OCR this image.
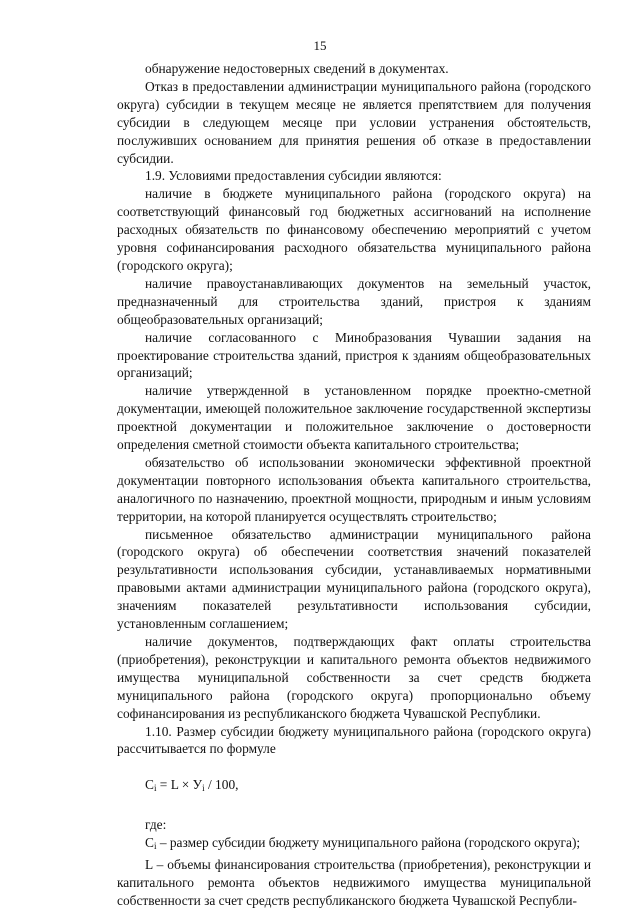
15

обнаружение недостоверных сведений в документах.

Отказ в предоставлении администрации муниципального района (городского округа) субсидии в текущем месяце не является препятствием для получения субсидии в следующем месяце при условии устранения обстоятельств, послуживших основанием для принятия решения об отказе в предоставлении субсидии.

1.9. Условиями предоставления субсидии являются:

наличие в бюджете муниципального района (городского округа) на соответствующий финансовый год бюджетных ассигнований на исполнение расходных обязательств по финансовому обеспечению мероприятий с учетом уровня софинансирования расходного обязательства муниципального района (городского округа);

наличие правоустанавливающих документов на земельный участок, предназначенный для строительства зданий, пристроя к зданиям общеобразовательных организаций;

наличие согласованного с Минобразования Чувашии задания на проектирование строительства зданий, пристроя к зданиям общеобразовательных организаций;

наличие утвержденной в установленном порядке проектно-сметной документации, имеющей положительное заключение государственной экспертизы проектной документации и положительное заключение о достоверности определения сметной стоимости объекта капитального строительства;

обязательство об использовании экономически эффективной проектной документации повторного использования объекта капитального строительства, аналогичного по назначению, проектной мощности, природным и иным условиям территории, на которой планируется осуществлять строительство;

письменное обязательство администрации муниципального района (городского округа) об обеспечении соответствия значений показателей результативности использования субсидии, устанавливаемых нормативными правовыми актами администрации муниципального района (городского округа), значениям показателей результативности использования субсидии, установленным соглашением;

наличие документов, подтверждающих факт оплаты строительства (приобретения), реконструкции и капитального ремонта объектов недвижимого имущества муниципальной собственности за счет средств бюджета муниципального района (городского округа) пропорционально объему софинансирования из республиканского бюджета Чувашской Республики.

1.10. Размер субсидии бюджету муниципального района (городского округа) рассчитывается по формуле

$C_i = L \times У_i / 100$,

где:

$C_i$ – размер субсидии бюджету муниципального района (городского округа);

L – объемы финансирования строительства (приобретения), реконструкции и капитального ремонта объектов недвижимого имущества муниципальной собственности за счет средств республиканского бюджета Чувашской Республи-
